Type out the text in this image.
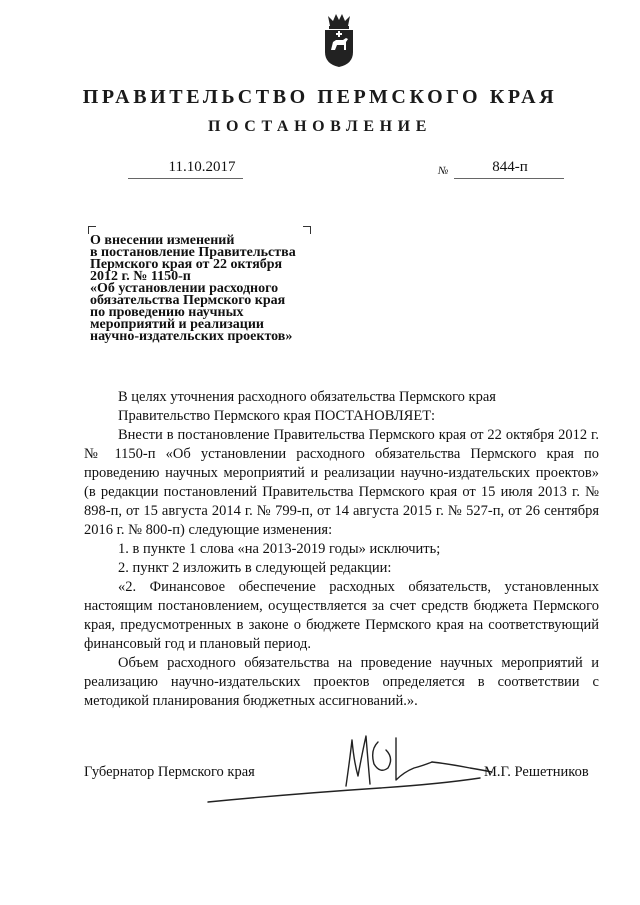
ПРАВИТЕЛЬСТВО ПЕРМСКОГО КРАЯ
ПОСТАНОВЛЕНИЕ
11.10.2017	№	844-п
О внесении изменений
в постановление Правительства
Пермского края от 22 октября
2012 г. № 1150-п
«Об установлении расходного
обязательства Пермского края
по проведению научных
мероприятий и реализации
научно-издательских проектов»

В целях уточнения расходного обязательства Пермского края

Правительство Пермского края ПОСТАНОВЛЯЕТ:

Внести в постановление Правительства Пермского края от 22 октября 2012 г. № 1150-п «Об установлении расходного обязательства Пермского края по проведению научных мероприятий и реализации научно-издательских проектов» (в редакции постановлений Правительства Пермского края от 15 июля 2013 г. № 898-п, от 15 августа 2014 г. № 799-п, от 14 августа 2015 г. № 527-п, от 26 сентября 2016 г. № 800-п) следующие изменения:

1. в пункте 1 слова «на 2013-2019 годы» исключить;

2. пункт 2 изложить в следующей редакции:

«2. Финансовое обеспечение расходных обязательств, установленных настоящим постановлением, осуществляется за счет средств бюджета Пермского края, предусмотренных в законе о бюджете Пермского края на соответствующий финансовый год и плановый период.

Объем расходного обязательства на проведение научных мероприятий и реализацию научно-издательских проектов определяется в соответствии с методикой планирования бюджетных ассигнований.».

Губернатор Пермского края	М.Г. Решетников
